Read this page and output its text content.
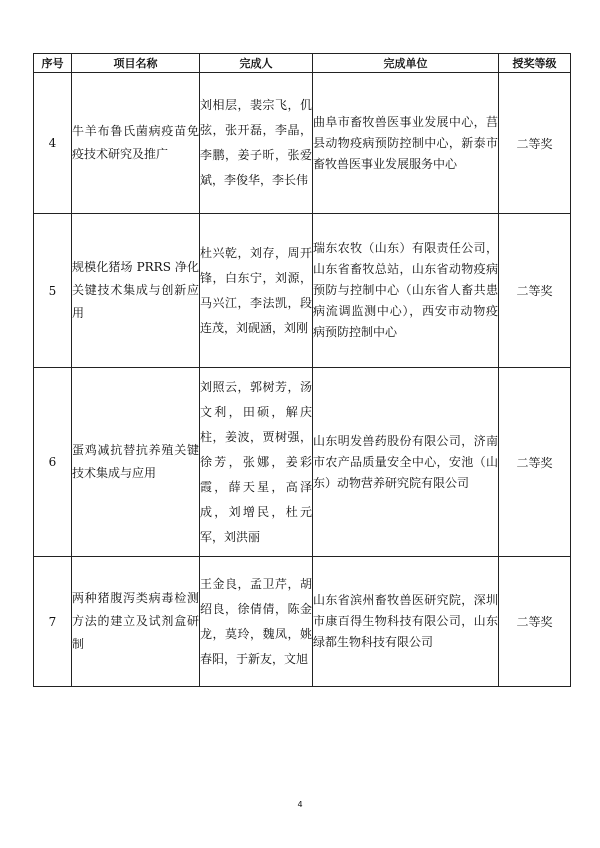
序号	项目名称	完成人	完成单位	授奖等级
4	牛羊布鲁氏菌病疫苗免疫技术研究及推广	刘相层，裴宗飞，仉弦，张开磊，李晶，李鹏，姜子昕，张爱斌，李俊华，李长伟	曲阜市畜牧兽医事业发展中心，莒县动物疫病预防控制中心，新泰市畜牧兽医事业发展服务中心	二等奖
5	规模化猪场 PRRS 净化关键技术集成与创新应用	杜兴乾，刘存，周开锋，白东宁，刘源，马兴江，李法凯，段连茂，刘砚涵，刘刚	瑞东农牧（山东）有限责任公司，山东省畜牧总站，山东省动物疫病预防与控制中心（山东省人畜共患病流调监测中心），西安市动物疫病预防控制中心	二等奖
6	蛋鸡减抗替抗养殖关键技术集成与应用	刘照云，郭树芳，汤文利，田硕，解庆柱，姜波，贾树强，徐芳，张娜，姜彩霞，薛天星，高泽成，刘增民，杜元军，刘洪丽	山东明发兽药股份有限公司，济南市农产品质量安全中心，安池（山东）动物营养研究院有限公司	二等奖
7	两种猪腹泻类病毒检测方法的建立及试剂盒研制	王金良，孟卫芹，胡绍良，徐倩倩，陈金龙，莫玲，魏凤，姚春阳，于新友，文旭	山东省滨州畜牧兽医研究院，深圳市康百得生物科技有限公司，山东绿都生物科技有限公司	二等奖
4
